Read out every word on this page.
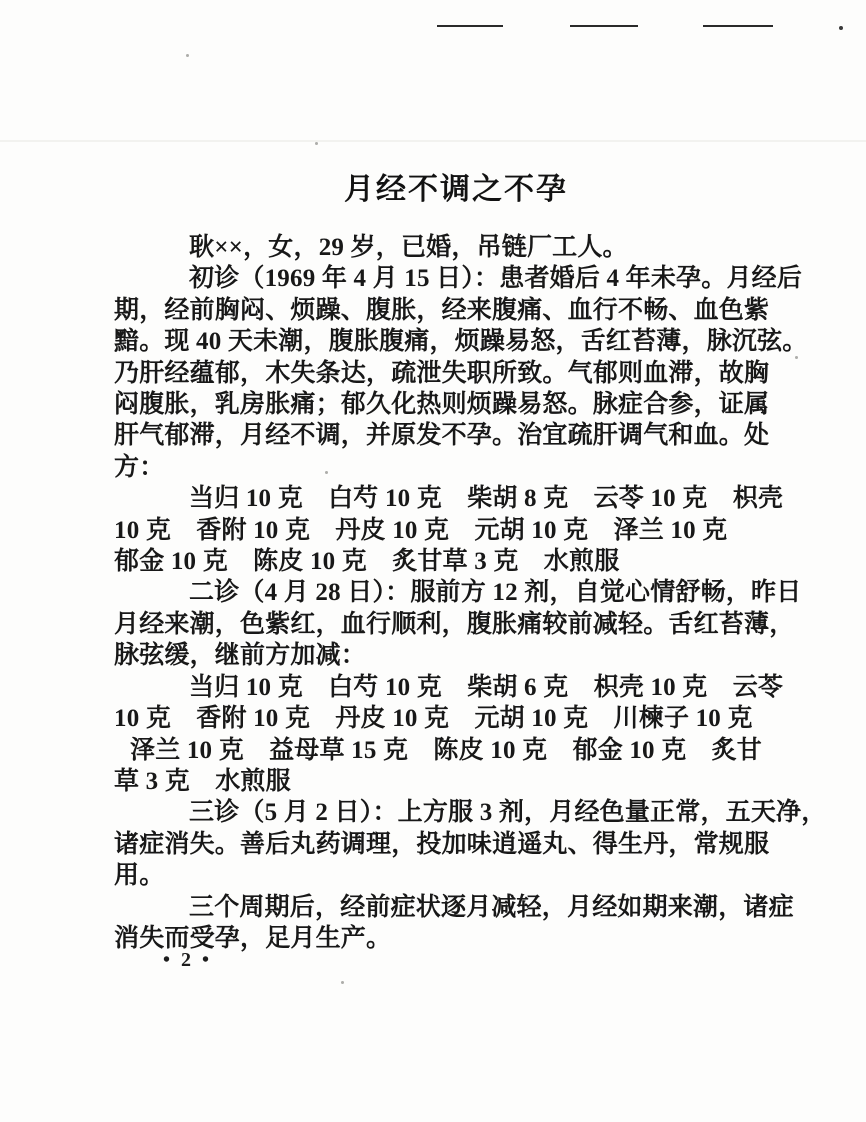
月经不调之不孕
耿××，女，29 岁，已婚，吊链厂工人。
初诊（1969 年 4 月 15 日）：患者婚后 4 年未孕。月经后
期，经前胸闷、烦躁、腹胀，经来腹痛、血行不畅、血色紫
黯。现 40 天未潮，腹胀腹痛，烦躁易怒，舌红苔薄，脉沉弦。
乃肝经蕴郁，木失条达，疏泄失职所致。气郁则血滞，故胸
闷腹胀，乳房胀痛；郁久化热则烦躁易怒。脉症合参，证属
肝气郁滞，月经不调，并原发不孕。治宜疏肝调气和血。处
方：
当归 10 克　白芍 10 克　柴胡 8 克　云苓 10 克　枳壳
10 克　香附 10 克　丹皮 10 克　元胡 10 克　泽兰 10 克
郁金 10 克　陈皮 10 克　炙甘草 3 克　水煎服
二诊（4 月 28 日）：服前方 12 剂，自觉心情舒畅，昨日
月经来潮，色紫红，血行顺利，腹胀痛较前减轻。舌红苔薄，
脉弦缓，继前方加减：
当归 10 克　白芍 10 克　柴胡 6 克　枳壳 10 克　云苓
10 克　香附 10 克　丹皮 10 克　元胡 10 克　川楝子 10 克
泽兰 10 克　益母草 15 克　陈皮 10 克　郁金 10 克　炙甘
草 3 克　水煎服
三诊（5 月 2 日）：上方服 3 剂，月经色量正常，五天净，
诸症消失。善后丸药调理，投加味逍遥丸、得生丹，常规服
用。
三个周期后，经前症状逐月减轻，月经如期来潮，诸症
消失而受孕，足月生产。
• 2 •
